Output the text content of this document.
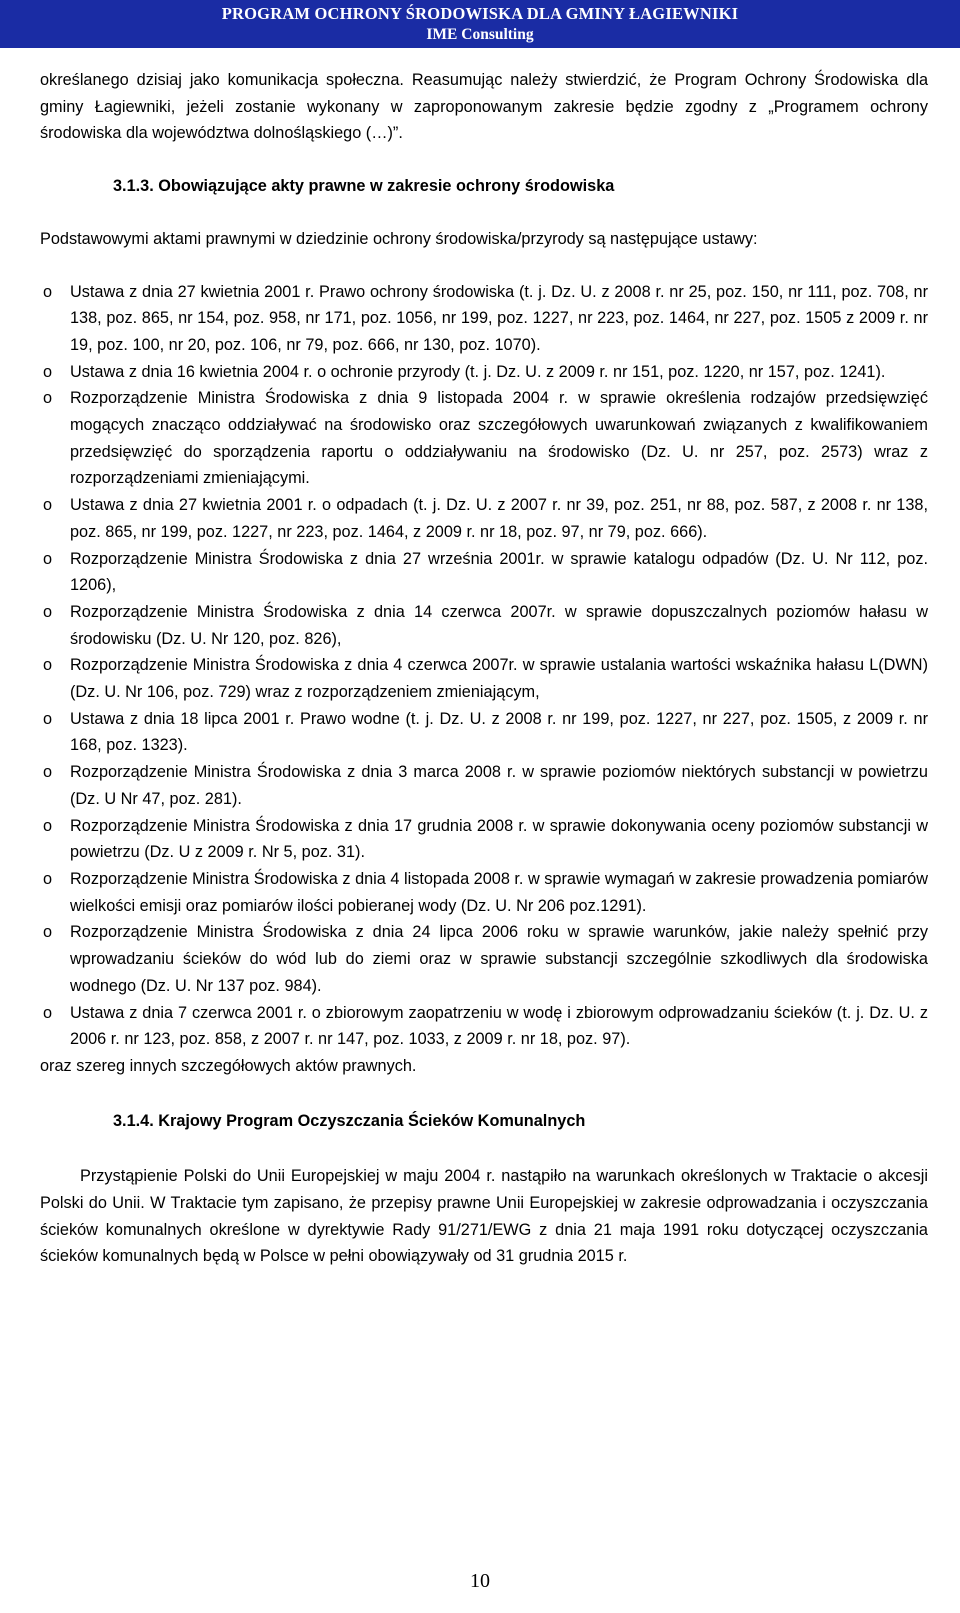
PROGRAM OCHRONY ŚRODOWISKA DLA GMINY ŁAGIEWNIKI
IME Consulting

określanego dzisiaj jako komunikacja społeczna. Reasumując należy stwierdzić, że Program Ochrony Środowiska dla gminy Łagiewniki, jeżeli zostanie wykonany w zaproponowanym zakresie będzie zgodny z „Programem ochrony środowiska dla województwa dolnośląskiego (…)”.

3.1.3. Obowiązujące akty prawne w zakresie ochrony środowiska

Podstawowymi aktami prawnymi w dziedzinie ochrony środowiska/przyrody są następujące ustawy:

o Ustawa z dnia 27 kwietnia 2001 r. Prawo ochrony środowiska (t. j. Dz. U. z 2008 r. nr 25, poz. 150, nr 111, poz. 708, nr 138, poz. 865, nr 154, poz. 958, nr 171, poz. 1056, nr 199, poz. 1227, nr 223, poz. 1464, nr 227, poz. 1505 z 2009 r. nr 19, poz. 100, nr 20, poz. 106, nr 79, poz. 666, nr 130, poz. 1070).
o Ustawa z dnia 16 kwietnia 2004 r. o ochronie przyrody (t. j. Dz. U. z 2009 r. nr 151, poz. 1220, nr 157, poz. 1241).
o Rozporządzenie Ministra Środowiska z dnia 9 listopada 2004 r. w sprawie określenia rodzajów przedsięwzięć mogących znacząco oddziaływać na środowisko oraz szczegółowych uwarunkowań związanych z kwalifikowaniem przedsięwzięć do sporządzenia raportu o oddziaływaniu na środowisko (Dz. U. nr 257, poz. 2573) wraz z rozporządzeniami zmieniającymi.
o Ustawa z dnia 27 kwietnia 2001 r. o odpadach (t. j. Dz. U. z 2007 r. nr 39, poz. 251, nr 88, poz. 587, z 2008 r. nr 138, poz. 865, nr 199, poz. 1227, nr 223, poz. 1464, z 2009 r. nr 18, poz. 97, nr 79, poz. 666).
o Rozporządzenie Ministra Środowiska z dnia 27 września 2001r. w sprawie katalogu odpadów (Dz. U. Nr 112, poz. 1206),
o Rozporządzenie Ministra Środowiska z dnia 14 czerwca 2007r. w sprawie dopuszczalnych poziomów hałasu w środowisku (Dz. U. Nr 120, poz. 826),
o Rozporządzenie Ministra Środowiska z dnia 4 czerwca 2007r. w sprawie ustalania wartości wskaźnika hałasu L(DWN) (Dz. U. Nr 106, poz. 729) wraz z rozporządzeniem zmieniającym,
o Ustawa z dnia 18 lipca 2001 r. Prawo wodne (t. j. Dz. U. z 2008 r. nr 199, poz. 1227, nr 227, poz. 1505, z 2009 r. nr 168, poz. 1323).
o Rozporządzenie Ministra Środowiska z dnia 3 marca 2008 r. w sprawie poziomów niektórych substancji w powietrzu (Dz. U Nr 47, poz. 281).
o Rozporządzenie Ministra Środowiska z dnia 17 grudnia 2008 r. w sprawie dokonywania oceny poziomów substancji w powietrzu (Dz. U z 2009 r. Nr 5, poz. 31).
o Rozporządzenie Ministra Środowiska z dnia 4 listopada 2008 r. w sprawie wymagań w zakresie prowadzenia pomiarów wielkości emisji oraz pomiarów ilości pobieranej wody (Dz. U. Nr 206 poz.1291).
o Rozporządzenie Ministra Środowiska z dnia 24 lipca 2006 roku w sprawie warunków, jakie należy spełnić przy wprowadzaniu ścieków do wód lub do ziemi oraz w sprawie substancji szczególnie szkodliwych dla środowiska wodnego (Dz. U. Nr 137 poz. 984).
o Ustawa z dnia 7 czerwca 2001 r. o zbiorowym zaopatrzeniu w wodę i zbiorowym odprowadzaniu ścieków (t. j. Dz. U. z 2006 r. nr 123, poz. 858, z 2007 r. nr 147, poz. 1033, z 2009 r. nr 18, poz. 97).

oraz szereg innych szczegółowych aktów prawnych.

3.1.4. Krajowy Program Oczyszczania Ścieków Komunalnych

Przystąpienie Polski do Unii Europejskiej w maju 2004 r. nastąpiło na warunkach określonych w Traktacie o akcesji Polski do Unii. W Traktacie tym zapisano, że przepisy prawne Unii Europejskiej w zakresie odprowadzania i oczyszczania ścieków komunalnych określone w dyrektywie Rady 91/271/EWG z dnia 21 maja 1991 roku dotyczącej oczyszczania ścieków komunalnych będą w Polsce w pełni obowiązywały od 31 grudnia 2015 r.

10
